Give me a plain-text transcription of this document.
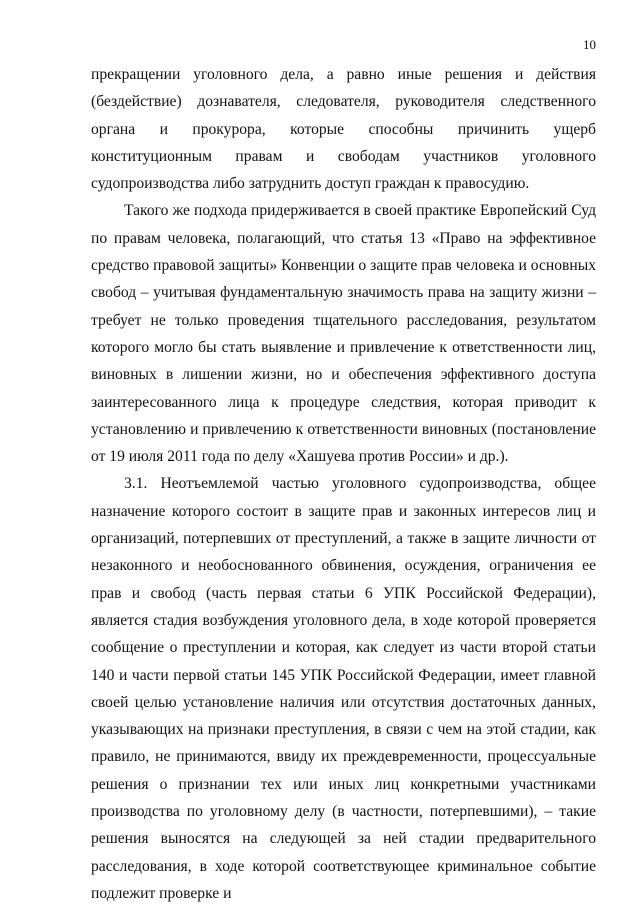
10

прекращении уголовного дела, а равно иные решения и действия (бездействие) дознавателя, следователя, руководителя следственного органа и прокурора, которые способны причинить ущерб конституционным правам и свободам участников уголовного судопроизводства либо затруднить доступ граждан к правосудию.

Такого же подхода придерживается в своей практике Европейский Суд по правам человека, полагающий, что статья 13 «Право на эффективное средство правовой защиты» Конвенции о защите прав человека и основных свобод – учитывая фундаментальную значимость права на защиту жизни – требует не только проведения тщательного расследования, результатом которого могло бы стать выявление и привлечение к ответственности лиц, виновных в лишении жизни, но и обеспечения эффективного доступа заинтересованного лица к процедуре следствия, которая приводит к установлению и привлечению к ответственности виновных (постановление от 19 июля 2011 года по делу «Хашуева против России» и др.).

3.1. Неотъемлемой частью уголовного судопроизводства, общее назначение которого состоит в защите прав и законных интересов лиц и организаций, потерпевших от преступлений, а также в защите личности от незаконного и необоснованного обвинения, осуждения, ограничения ее прав и свобод (часть первая статьи 6 УПК Российской Федерации), является стадия возбуждения уголовного дела, в ходе которой проверяется сообщение о преступлении и которая, как следует из части второй статьи 140 и части первой статьи 145 УПК Российской Федерации, имеет главной своей целью установление наличия или отсутствия достаточных данных, указывающих на признаки преступления, в связи с чем на этой стадии, как правило, не принимаются, ввиду их преждевременности, процессуальные решения о признании тех или иных лиц конкретными участниками производства по уголовному делу (в частности, потерпевшими), – такие решения выносятся на следующей за ней стадии предварительного расследования, в ходе которой соответствующее криминальное событие подлежит проверке и
